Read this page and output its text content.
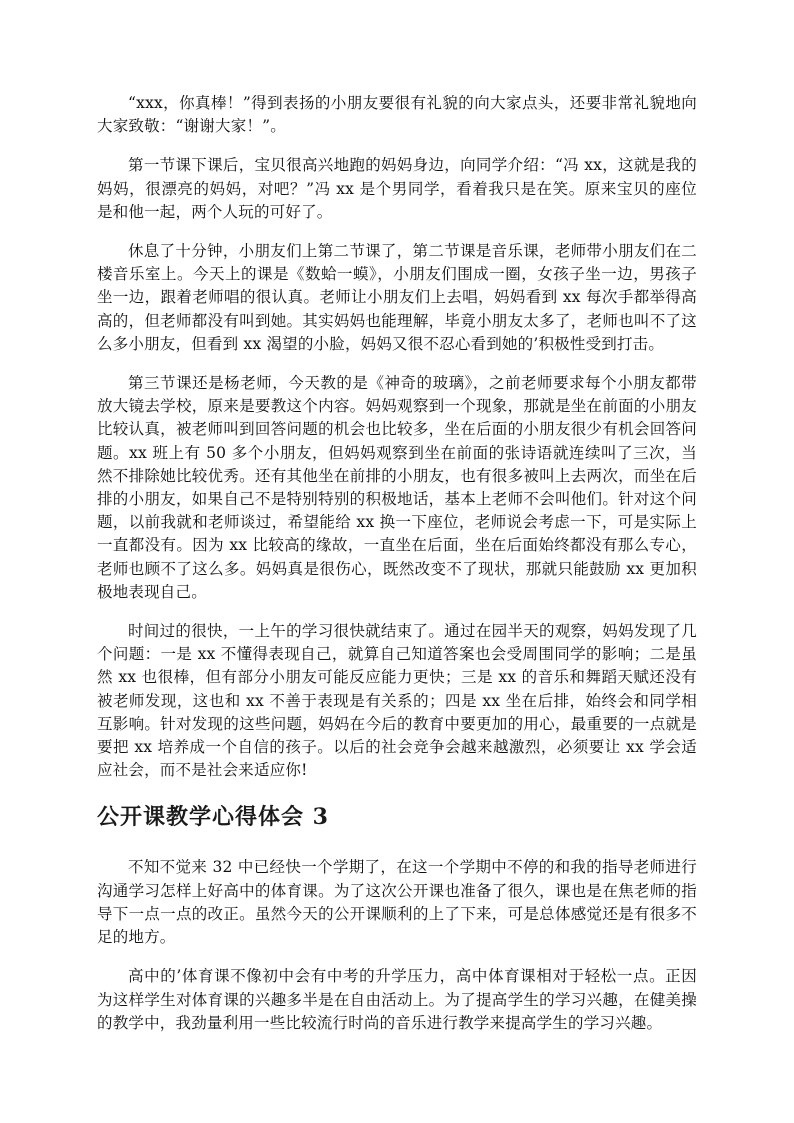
“xxx，你真棒！”得到表扬的小朋友要很有礼貌的向大家点头，还要非常礼貌地向大家致敬：“谢谢大家！”。

第一节课下课后，宝贝很高兴地跑的妈妈身边，向同学介绍：“冯 xx，这就是我的妈妈，很漂亮的妈妈，对吧？”冯 xx 是个男同学，看着我只是在笑。原来宝贝的座位是和他一起，两个人玩的可好了。

休息了十分钟，小朋友们上第二节课了，第二节课是音乐课，老师带小朋友们在二楼音乐室上。今天上的课是《数蛤一蟆》，小朋友们围成一圈，女孩子坐一边，男孩子坐一边，跟着老师唱的很认真。老师让小朋友们上去唱，妈妈看到 xx 每次手都举得高高的，但老师都没有叫到她。其实妈妈也能理解，毕竟小朋友太多了，老师也叫不了这么多小朋友，但看到 xx 渴望的小脸，妈妈又很不忍心看到她的’积极性受到打击。

第三节课还是杨老师，今天教的是《神奇的玻璃》，之前老师要求每个小朋友都带放大镜去学校，原来是要教这个内容。妈妈观察到一个现象，那就是坐在前面的小朋友比较认真，被老师叫到回答问题的机会也比较多，坐在后面的小朋友很少有机会回答问题。xx 班上有 50 多个小朋友，但妈妈观察到坐在前面的张诗语就连续叫了三次，当然不排除她比较优秀。还有其他坐在前排的小朋友，也有很多被叫上去两次，而坐在后排的小朋友，如果自己不是特别特别的积极地话，基本上老师不会叫他们。针对这个问题，以前我就和老师谈过，希望能给 xx 换一下座位，老师说会考虑一下，可是实际上一直都没有。因为 xx 比较高的缘故，一直坐在后面，坐在后面始终都没有那么专心，老师也顾不了这么多。妈妈真是很伤心，既然改变不了现状，那就只能鼓励 xx 更加积极地表现自己。

时间过的很快，一上午的学习很快就结束了。通过在园半天的观察，妈妈发现了几个问题：一是 xx 不懂得表现自己，就算自己知道答案也会受周围同学的影响；二是虽然 xx 也很棒，但有部分小朋友可能反应能力更快；三是 xx 的音乐和舞蹈天赋还没有被老师发现，这也和 xx 不善于表现是有关系的；四是 xx 坐在后排，始终会和同学相互影响。针对发现的这些问题，妈妈在今后的教育中要更加的用心，最重要的一点就是要把 xx 培养成一个自信的孩子。以后的社会竞争会越来越激烈，必须要让 xx 学会适应社会，而不是社会来适应你!

公开课教学心得体会 3

不知不觉来 32 中已经快一个学期了，在这一个学期中不停的和我的指导老师进行沟通学习怎样上好高中的体育课。为了这次公开课也准备了很久，课也是在焦老师的指导下一点一点的改正。虽然今天的公开课顺利的上了下来，可是总体感觉还是有很多不足的地方。

高中的’体育课不像初中会有中考的升学压力，高中体育课相对于轻松一点。正因为这样学生对体育课的兴趣多半是在自由活动上。为了提高学生的学习兴趣，在健美操的教学中，我劲量利用一些比较流行时尚的音乐进行教学来提高学生的学习兴趣。
